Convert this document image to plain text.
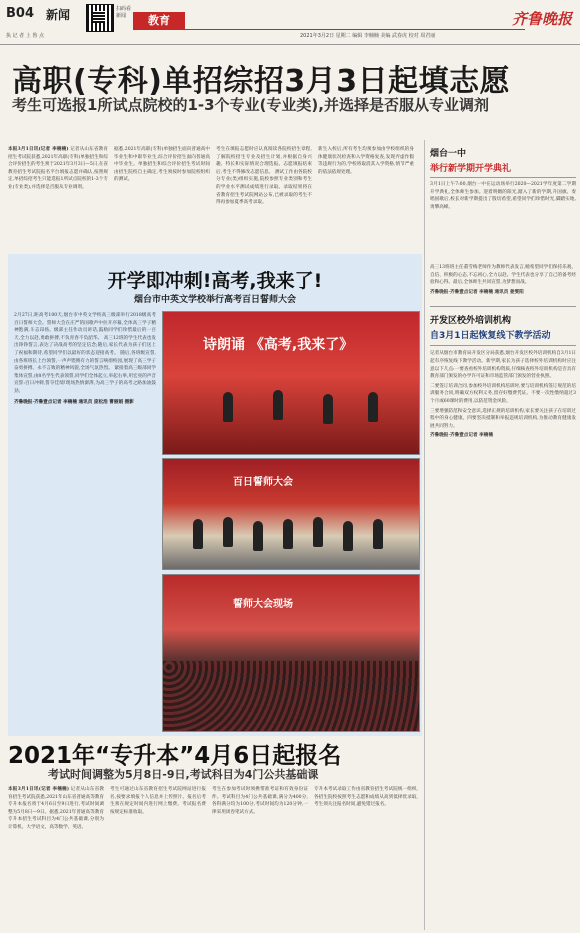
B04 新闻	扫码看新闻	教育	齐鲁晚报
执 记 者 上 鲁 点	2021年3月2日 星期二 编辑 李楠楠 美编 武春虎 校对 周君丽
高职(专科)单招综招3月3日起填志愿
考生可选报1所试点院校的1-3个专业(专业类),并选择是否服从专业调剂
本报3月1日讯(记者 李楠楠) 记者从山东省教育招生考试院获悉,2021年高职(专科)单独招生和综合评价招生的考生须于2021年3月3日—5日,在省教育招生考试院报名平台填报志愿并确认,按照规定,单招综招考生只能选报1所试点院校的1-3个专业(专业类),并选择是否服从专业调剂。
据悉,2021年高职(专科)单独招生面向普通高中毕业生和中职毕业生,综合评价招生面向普通高中毕业生。单独招生和综合评价招生考试时间由招生院校自主确定,考生须按时参加院校组织的测试。
考生在填报志愿时应认真阅读各院校招生章程,了解院校招生专业及招生计划,并根据自身兴趣、特长和实际情况合理选报。志愿填报结束后,考生不得修改志愿信息。 测试工作由各院校分专业(类)组织实施,院校参照专业类别和考生的学业水平测试成绩进行录取。录取结果将在省教育招生考试院网站公布,已被录取的考生不得再参加夏季高考录取。
新生入校后,所有考生均须参加由学校组织的身体健康状况检查和入学资格复查,发现弄虚作假等违规行为的,学校将取消其入学资格,情节严重的依法依规处理。
烟台一中
举行新学期开学典礼
3月1日上午7:00,烟台一中在运动场举行2020—2021学年度第二学期开学典礼,全体师生参加。迎着明媚的阳光,踏入了新的学期,升国旗、奏唱国歌后,校长对新学期提出了殷切希望,希望同学们珍惜时光,脚踏实地,勇攀高峰。
开学即冲刺!高考,我来了!
烟台市中英文学校举行高考百日誓师大会
2月27日,距高考100天,烟台市中英文学校高三级部举行2018级高考百日誓师大会。誓师大会在庄严的国歌声中拉开序幕,全体高三学子精神饱满,斗志昂扬。级部主任作动员讲话,鼓励同学们珍惜最后的一百天,全力以赴,勇敢拼搏,不负青春不负韶华。 高三12班的学生代表也发出铮铮誓言,表达了决战高考的坚定信念;随后,家长代表为孩子们送上了祝福和期待,希望同学们以最好的状态迎接高考。 随后,各班级宣誓,由各班班长上台领誓,一声声铿锵有力的誓言响彻校园,展现了高三学子奋勇拼搏、永不言败的精神风貌,全场气氛热烈。 紧接着高三级部同学集体宣誓,由8名学生代表领誓,同学们全体起立,举起右拳,用宏亮的声音宣誓:百日冲刺,誓夺佳绩!现场热情澎湃,为高三学子的高考之路加油鼓劲。
齐鲁晚报·齐鲁壹点记者 李楠楠 通讯员 庞松浩 曹丽娟 摄影
诗朗诵 《高考,我来了》
百日誓师大会
誓师大会现场
高三13班班主任董雪梅老师作为教师代表发言,她希望同学们保持乐观、自信、积极的心态,不忘初心,全力以赴。学生代表也分享了自己的备考经验和心得。最后,全体师生共同宣誓,为梦想而战。
齐鲁晚报·齐鲁壹点记者 李楠楠 通讯员 姜雯阳
开发区校外培训机构
自3月1日起恢复线下教学活动
记者从烟台市教育局开发区分局获悉,烟台开发区校外培训机构自3月1日起有序恢复线下教学活动。新学期,家长为孩子选择校外培训机构时应注意以下几点:一要查看校外培训机构资质,仔细核查校外培训机构是否具有教育部门颁发的办学许可证和市场监管部门颁发的营业执照。
二要签订培训合同,参加校外培训机构培训时,要与培训机构签订规范的培训服务合同,明确双方权利义务,留存好缴费凭证。不要一次性缴纳超过3个月或60课时的费用,以防范资金风险。
三要增强防范和安全意识,选择正规的培训机构,家长要关注孩子在培训过程中的身心健康。四要坚决抵制和举报违规培训机构,为推动教育健康发展共同努力。
齐鲁晚报·齐鲁壹点记者 李楠楠
2021年“专升本”4月6日起报名
考试时间调整为5月8日-9日,考试科目为4门公共基础课
本报3月1日讯(记者 李楠楠) 记者从山东省教育招生考试院获悉,2021年山东省普通高等教育专升本报名将于4月6日至9日进行,考试时间调整为5月8日—9日。据悉,2021年普通高等教育专升本招生考试科目为4门公共基础课,分别为计算机、大学语文、高等数学、英语。
考生可通过山东省教育招生考试院网站进行报名,按要求填报个人信息并上传照片。报名后考生须在规定时间内进行网上缴费。考试报名费按规定标准收取。
考生在参加考试时须携带准考证和有效身份证件。考试科目为4门公共基础课,满分为400分,各科满分均为100分,考试时间均为120分钟,一律采用闭卷笔试方式。
专升本考试录取工作由省教育招生考试院统一组织,各招生院校按照考生志愿和成绩从高到低择优录取,考生须关注报名时间,避免错过报名。
